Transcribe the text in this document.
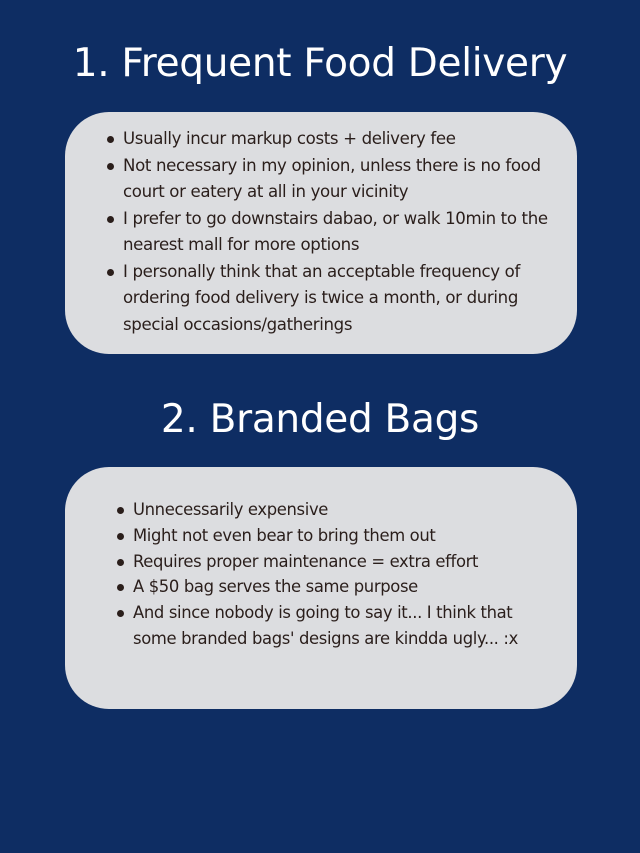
1. Frequent Food Delivery
Usually incur markup costs + delivery fee
Not necessary in my opinion, unless there is no food court or eatery at all in your vicinity
I prefer to go downstairs dabao, or walk 10min to the nearest mall for more options
I personally think that an acceptable frequency of ordering food delivery is twice a month, or during special occasions/gatherings
2. Branded Bags
Unnecessarily expensive
Might not even bear to bring them out
Requires proper maintenance = extra effort
A $50 bag serves the same purpose
And since nobody is going to say it... I think that some branded bags' designs are kindda ugly... :x
